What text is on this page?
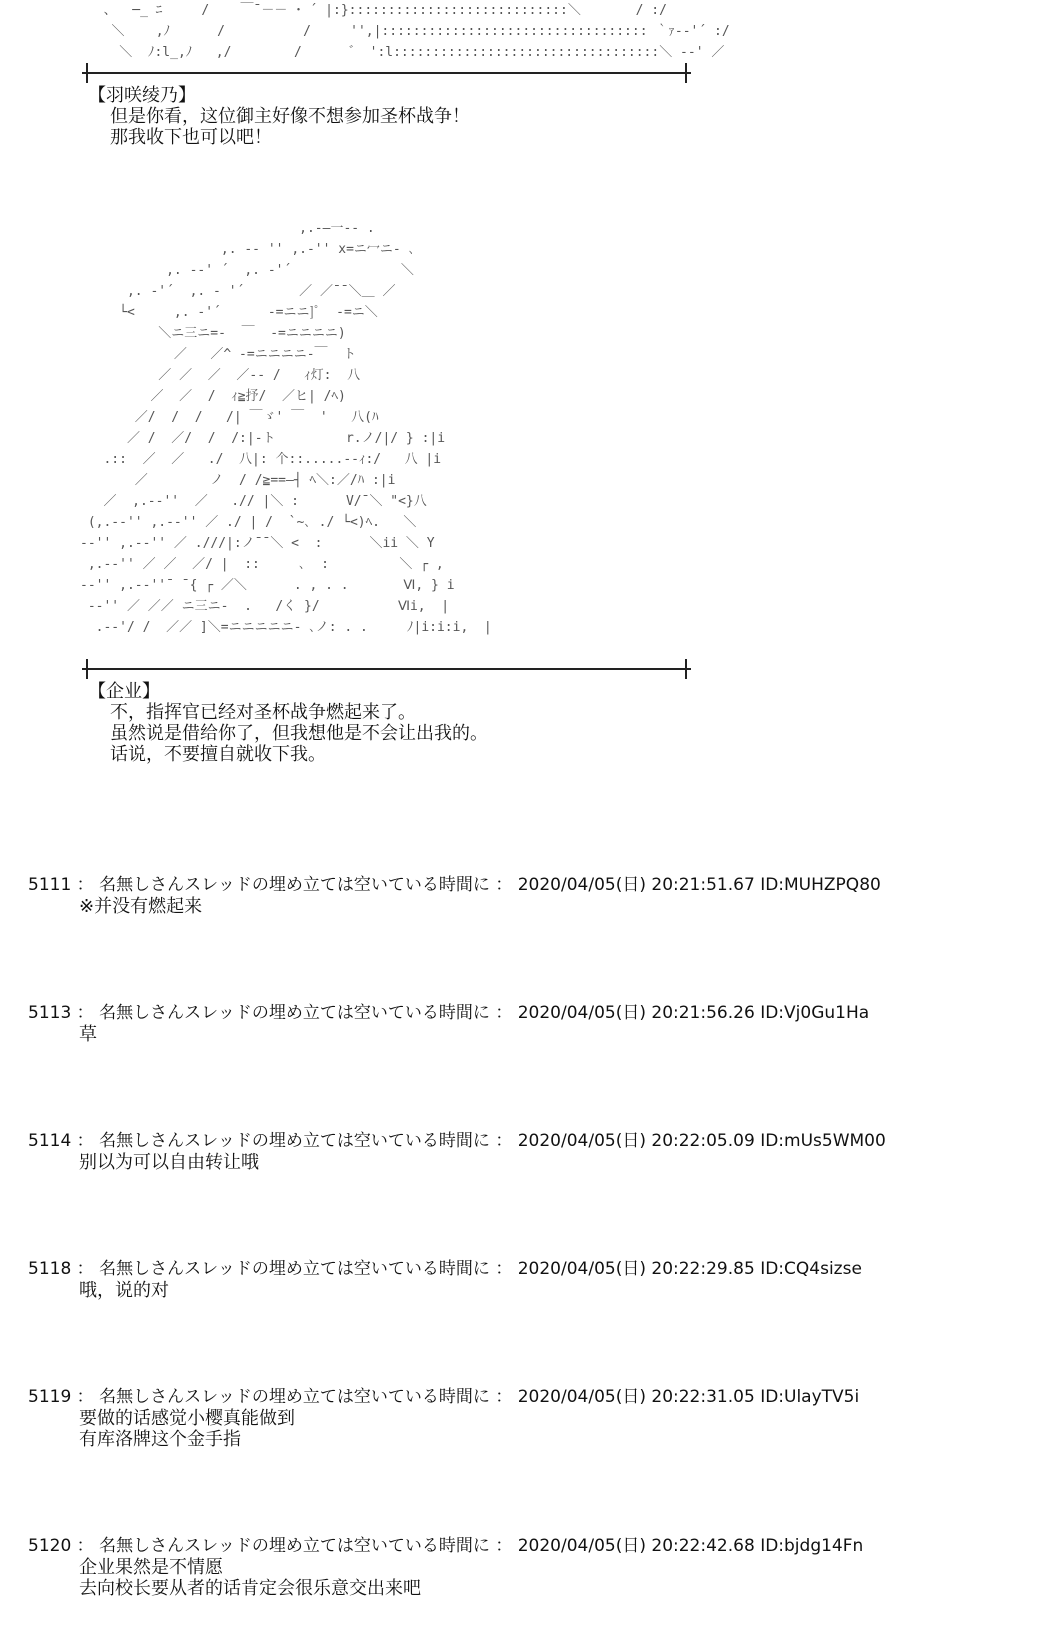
、  ─_ ﾆ     /    ￣¯－－ ･ ´ |:}::::::::::::::::::::::::::::＼       / :/
＼    ,ﾉ      /          /     '',|:::::::::::::::::::::::::::::::::: ｀ｧ-‐'´ :/
＼  ﾉ:l_,ﾉ   ,/        /      ゛ ':l::::::::::::::::::::::::::::::::::＼ -‐' ／
【羽咲绫乃】
但是你看，这位御主好像不想参加圣杯战争！
那我收下也可以吧！
,.-―一-‐ .
,. -‐ '' ,.-'' x=ニ冖ニ- ､
,. -‐' ´  ,. ‐'´              ＼
,. ‐'´  ,. ‐ '´       ／ ／¯¯＼＿ ／
└<     ,. ‐'´      -=ニニ]ﾟ  -=ニ＼
＼ニ三ニ=-  ￣  -=ニニニニ)
／   ／^ -=ニニニニ-￣  ト
／ ／  ／  ／-- /   ｨ灯:  八
／  ／  /  ｨ≧抒/  ／ヒ| /ﾍ)
／/  /  /   /| ￣ゞ' ￣  '   八(ﾊ
／ /  ／/  /  /:|-ト         r.ノ/|/ } :|i
.::  ／  ／   ./  八|: 个::.....--ｨ:/   八 |i
／        ノ  / /≧==―┤ ﾍ＼:／/ﾊ :|i
／  ,.-‐''  ／   .// |＼ :      V/¯＼ "<}八
(,.-‐'' ,.-‐'' ／ ./ | /  `~､ ./ └<)ﾍ.   ＼
-‐'' ,.-‐'' ／ .///|:ノ¯¯＼ <  :      ＼ii ＼ Y
,.-‐'' ／ ／  ／/ |  ::     ､  :         ＼ ┌ ,
-‐'' ,.-‐''¯ ¯{ ┌ ／＼      . , . .       Ⅵ, } i
-‐'' ／ ／／ ニ三ニ-  .   /く }/          Ⅵi,  |
.-‐'/ /  ／／ ]＼=ニニニニニ- ､ノ: . .     ﾉ|i:i:i,  |
【企业】
不，指挥官已经对圣杯战争燃起来了。
虽然说是借给你了，但我想他是不会让出我的。
话说，不要擅自就收下我。
5111 ： 名無しさんスレッドの埋め立ては空いている時間に ： 2020/04/05(日) 20:21:51.67 ID:MUHZPQ80
※并没有燃起来
5113 ： 名無しさんスレッドの埋め立ては空いている時間に ： 2020/04/05(日) 20:21:56.26 ID:Vj0Gu1Ha
草
5114 ： 名無しさんスレッドの埋め立ては空いている時間に ： 2020/04/05(日) 20:22:05.09 ID:mUs5WM00
别以为可以自由转让哦
5118 ： 名無しさんスレッドの埋め立ては空いている時間に ： 2020/04/05(日) 20:22:29.85 ID:CQ4sizse
哦，说的对
5119 ： 名無しさんスレッドの埋め立ては空いている時間に ： 2020/04/05(日) 20:22:31.05 ID:UlayTV5i
要做的话感觉小樱真能做到
有库洛牌这个金手指
5120 ： 名無しさんスレッドの埋め立ては空いている時間に ： 2020/04/05(日) 20:22:42.68 ID:bjdg14Fn
企业果然是不情愿
去向校长要从者的话肯定会很乐意交出来吧
